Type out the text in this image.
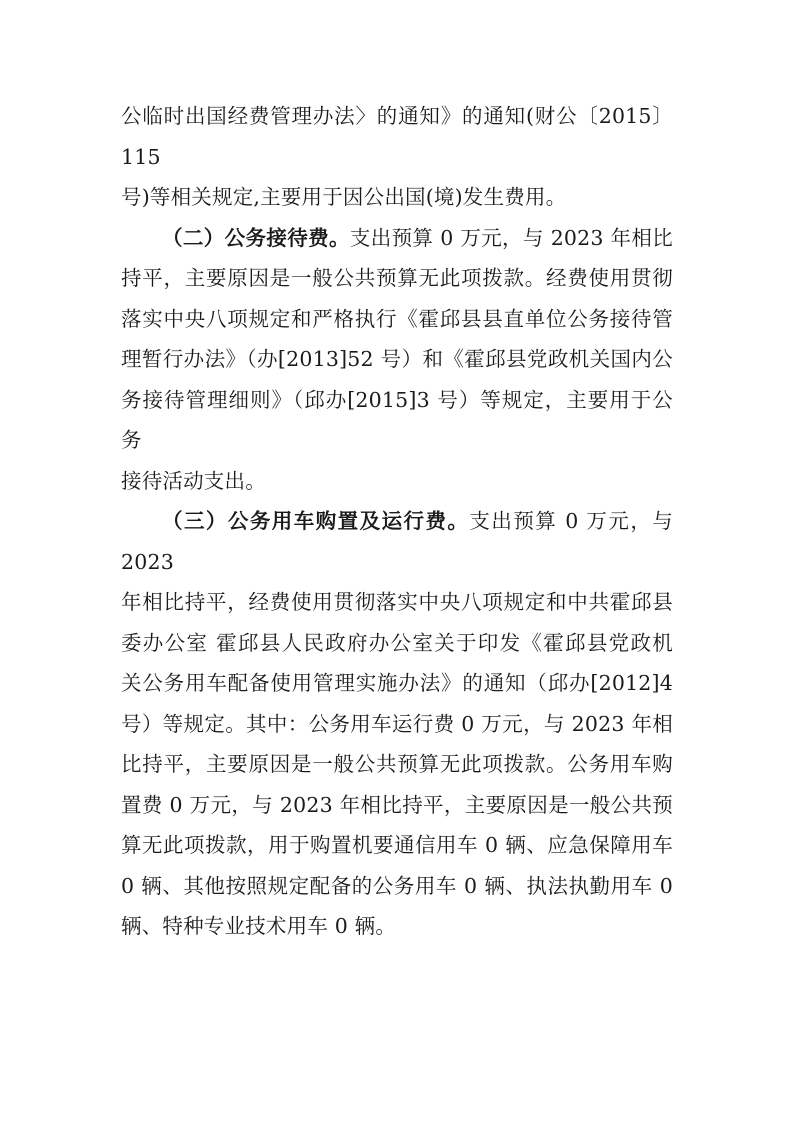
公临时出国经费管理办法〉的通知》的通知(财公〔2015〕115
号)等相关规定,主要用于因公出国(境)发生费用。
（二）公务接待费。支出预算 0 万元，与 2023 年相比
持平，主要原因是一般公共预算无此项拨款。经费使用贯彻
落实中央八项规定和严格执行《霍邱县县直单位公务接待管
理暂行办法》（办[2013]52 号）和《霍邱县党政机关国内公
务接待管理细则》（邱办[2015]3 号）等规定，主要用于公务
接待活动支出。
（三）公务用车购置及运行费。支出预算 0 万元，与 2023
年相比持平，经费使用贯彻落实中央八项规定和中共霍邱县
委办公室 霍邱县人民政府办公室关于印发《霍邱县党政机
关公务用车配备使用管理实施办法》的通知（邱办[2012]4
号）等规定。其中：公务用车运行费 0 万元，与 2023 年相
比持平，主要原因是一般公共预算无此项拨款。公务用车购
置费 0 万元，与 2023 年相比持平，主要原因是一般公共预
算无此项拨款，用于购置机要通信用车 0 辆、应急保障用车
0 辆、其他按照规定配备的公务用车 0 辆、执法执勤用车 0
辆、特种专业技术用车 0 辆。
